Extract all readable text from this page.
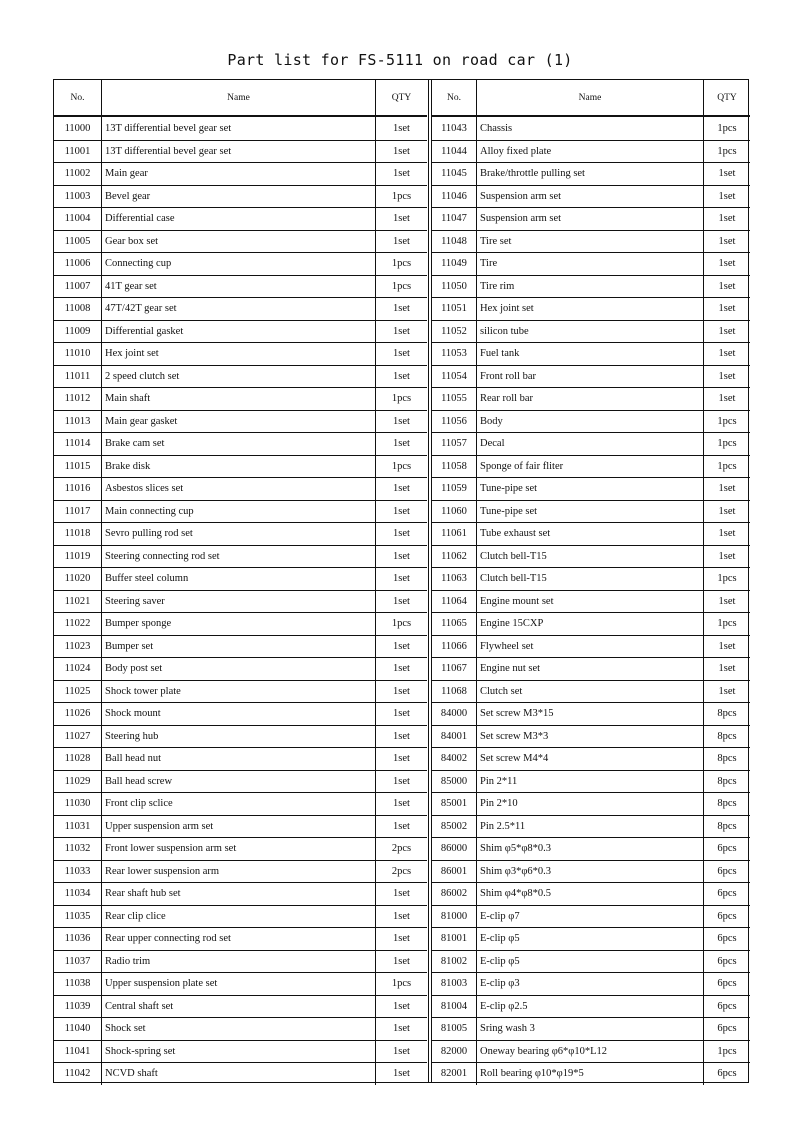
Part list for FS-5111 on road car (1)
No.	Name	QTY
11000	13T differential bevel gear set	1set
11001	13T differential bevel gear set	1set
11002	Main gear	1set
11003	Bevel gear	1pcs
11004	Differential case	1set
11005	Gear box set	1set
11006	Connecting cup	1pcs
11007	41T gear set	1pcs
11008	47T/42T gear set	1set
11009	Differential gasket	1set
11010	Hex joint set	1set
11011	2 speed clutch set	1set
11012	Main shaft	1pcs
11013	Main gear gasket	1set
11014	Brake cam set	1set
11015	Brake disk	1pcs
11016	Asbestos slices set	1set
11017	Main connecting cup	1set
11018	Sevro pulling rod set	1set
11019	Steering connecting rod set	1set
11020	Buffer steel column	1set
11021	Steering saver	1set
11022	Bumper sponge	1pcs
11023	Bumper set	1set
11024	Body post set	1set
11025	Shock tower plate	1set
11026	Shock mount	1set
11027	Steering hub	1set
11028	Ball head nut	1set
11029	Ball head screw	1set
11030	Front clip sclice	1set
11031	Upper suspension arm set	1set
11032	Front lower suspension arm set	2pcs
11033	Rear lower suspension arm	2pcs
11034	Rear shaft hub set	1set
11035	Rear clip clice	1set
11036	Rear upper connecting rod set	1set
11037	Radio trim	1set
11038	Upper suspension plate set	1pcs
11039	Central shaft set	1set
11040	Shock set	1set
11041	Shock-spring set	1set
11042	NCVD shaft	1set
No.	Name	QTY
11043	Chassis	1pcs
11044	Alloy fixed plate	1pcs
11045	Brake/throttle pulling set	1set
11046	Suspension arm set	1set
11047	Suspension arm set	1set
11048	Tire set	1set
11049	Tire	1set
11050	Tire rim	1set
11051	Hex joint set	1set
11052	silicon tube	1set
11053	Fuel tank	1set
11054	Front roll bar	1set
11055	Rear roll bar	1set
11056	Body	1pcs
11057	Decal	1pcs
11058	Sponge of fair fliter	1pcs
11059	Tune-pipe set	1set
11060	Tune-pipe set	1set
11061	Tube exhaust set	1set
11062	Clutch bell-T15	1set
11063	Clutch bell-T15	1pcs
11064	Engine mount set	1set
11065	Engine 15CXP	1pcs
11066	Flywheel set	1set
11067	Engine nut set	1set
11068	Clutch set	1set
84000	Set screw M3*15	8pcs
84001	Set screw M3*3	8pcs
84002	Set screw M4*4	8pcs
85000	Pin 2*11	8pcs
85001	Pin 2*10	8pcs
85002	Pin 2.5*11	8pcs
86000	Shim φ5*φ8*0.3	6pcs
86001	Shim φ3*φ6*0.3	6pcs
86002	Shim φ4*φ8*0.5	6pcs
81000	E-clip φ7	6pcs
81001	E-clip φ5	6pcs
81002	E-clip φ5	6pcs
81003	E-clip φ3	6pcs
81004	E-clip φ2.5	6pcs
81005	Sring wash 3	6pcs
82000	Oneway bearing φ6*φ10*L12	1pcs
82001	Roll bearing φ10*φ19*5	6pcs
